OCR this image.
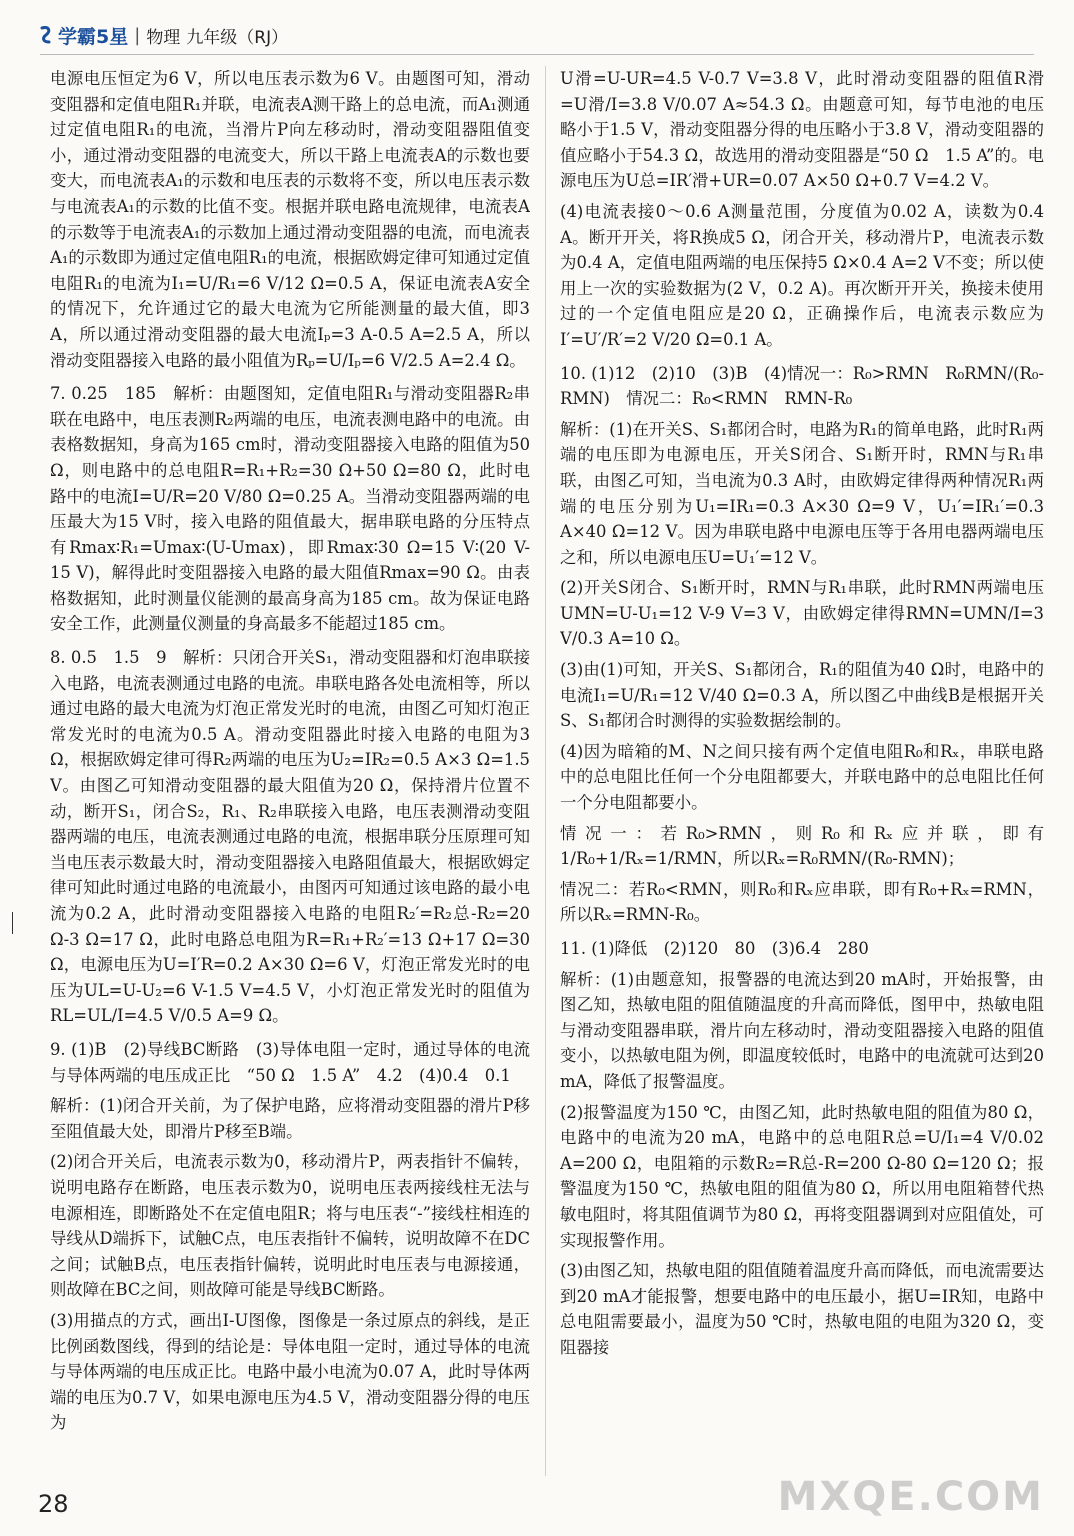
学霸5星 | 物理 九年级（RJ）

电源电压恒定为6 V，所以电压表示数为6 V。由题图可知，滑动变阻器和定值电阻R₁并联，电流表A测干路上的总电流，而A₁测通过定值电阻R₁的电流，当滑片P向左移动时，滑动变阻器阻值变小，通过滑动变阻器的电流变大，所以干路上电流表A的示数也要变大，而电流表A₁的示数和电压表的示数将不变，所以电压表示数与电流表A₁的示数的比值不变。根据并联电路电流规律，电流表A的示数等于电流表A₁的示数加上通过滑动变阻器的电流，而电流表A₁的示数即为通过定值电阻R₁的电流，根据欧姆定律可知通过定值电阻R₁的电流为I₁=U/R₁=6 V/12 Ω=0.5 A，保证电流表A安全的情况下，允许通过它的最大电流为它所能测量的最大值，即3 A，所以通过滑动变阻器的最大电流Iₚ=3 A-0.5 A=2.5 A，所以滑动变阻器接入电路的最小阻值为Rₚ=U/Iₚ=6 V/2.5 A=2.4 Ω。

7. 0.25　185　解析：由题图知，定值电阻R₁与滑动变阻器R₂串联在电路中，电压表测R₂两端的电压，电流表测电路中的电流。由表格数据知，身高为165 cm时，滑动变阻器接入电路的阻值为50 Ω，则电路中的总电阻R=R₁+R₂=30 Ω+50 Ω=80 Ω，此时电路中的电流I=U/R=20 V/80 Ω=0.25 A。当滑动变阻器两端的电压最大为15 V时，接入电路的阻值最大，据串联电路的分压特点有Rmax∶R₁=Umax∶(U-Umax)，即Rmax∶30 Ω=15 V∶(20 V-15 V)，解得此时变阻器接入电路的最大阻值Rmax=90 Ω。由表格数据知，此时测量仪能测的最高身高为185 cm。故为保证电路安全工作，此测量仪测量的身高最多不能超过185 cm。

8. 0.5　1.5　9　解析：只闭合开关S₁，滑动变阻器和灯泡串联接入电路，电流表测通过电路的电流。串联电路各处电流相等，所以通过电路的最大电流为灯泡正常发光时的电流，由图乙可知灯泡正常发光时的电流为0.5 A。滑动变阻器此时接入电路的电阻为3 Ω，根据欧姆定律可得R₂两端的电压为U₂=IR₂=0.5 A×3 Ω=1.5 V。由图乙可知滑动变阻器的最大阻值为20 Ω，保持滑片位置不动，断开S₁，闭合S₂，R₁、R₂串联接入电路，电压表测滑动变阻器两端的电压，电流表测通过电路的电流，根据串联分压原理可知当电压表示数最大时，滑动变阻器接入电路阻值最大，根据欧姆定律可知此时通过电路的电流最小，由图丙可知通过该电路的最小电流为0.2 A，此时滑动变阻器接入电路的电阻R₂′=R₂总-R₂=20 Ω-3 Ω=17 Ω，此时电路总电阻为R=R₁+R₂′=13 Ω+17 Ω=30 Ω，电源电压为U=I′R=0.2 A×30 Ω=6 V，灯泡正常发光时的电压为UL=U-U₂=6 V-1.5 V=4.5 V，小灯泡正常发光时的阻值为RL=UL/I=4.5 V/0.5 A=9 Ω。

9. (1)B　(2)导线BC断路　(3)导体电阻一定时，通过导体的电流与导体两端的电压成正比　“50 Ω　1.5 A”　4.2　(4)0.4　0.1

解析：(1)闭合开关前，为了保护电路，应将滑动变阻器的滑片P移至阻值最大处，即滑片P移至B端。

(2)闭合开关后，电流表示数为0，移动滑片P，两表指针不偏转，说明电路存在断路，电压表示数为0，说明电压表两接线柱无法与电源相连，即断路处不在定值电阻R；将与电压表“-”接线柱相连的导线从D端拆下，试触C点，电压表指针不偏转，说明故障不在DC之间；试触B点，电压表指针偏转，说明此时电压表与电源接通，则故障在BC之间，则故障可能是导线BC断路。

(3)用描点的方式，画出I-U图像，图像是一条过原点的斜线，是正比例函数图线，得到的结论是：导体电阻一定时，通过导体的电流与导体两端的电压成正比。电路中最小电流为0.07 A，此时导体两端的电压为0.7 V，如果电源电压为4.5 V，滑动变阻器分得的电压为

U滑=U-UR=4.5 V-0.7 V=3.8 V，此时滑动变阻器的阻值R滑=U滑/I=3.8 V/0.07 A≈54.3 Ω。由题意可知，每节电池的电压略小于1.5 V，滑动变阻器分得的电压略小于3.8 V，滑动变阻器的值应略小于54.3 Ω，故选用的滑动变阻器是“50 Ω　1.5 A”的。电源电压为U总=IR′滑+UR=0.07 A×50 Ω+0.7 V=4.2 V。

(4)电流表接0～0.6 A测量范围，分度值为0.02 A，读数为0.4 A。断开开关，将R换成5 Ω，闭合开关，移动滑片P，电流表示数为0.4 A，定值电阻两端的电压保持5 Ω×0.4 A=2 V不变；所以使用上一次的实验数据为(2 V，0.2 A)。再次断开开关，换接未使用过的一个定值电阻应是20 Ω，正确操作后，电流表示数应为I′=U′/R′=2 V/20 Ω=0.1 A。

10. (1)12　(2)10　(3)B　(4)情况一：R₀>RMN　R₀RMN/(R₀-RMN)　情况二：R₀<RMN　RMN-R₀

解析：(1)在开关S、S₁都闭合时，电路为R₁的简单电路，此时R₁两端的电压即为电源电压，开关S闭合、S₁断开时，RMN与R₁串联，由图乙可知，当电流为0.3 A时，由欧姆定律得两种情况R₁两端的电压分别为U₁=IR₁=0.3 A×30 Ω=9 V，U₁′=IR₁′=0.3 A×40 Ω=12 V。因为串联电路中电源电压等于各用电器两端电压之和，所以电源电压U=U₁′=12 V。

(2)开关S闭合、S₁断开时，RMN与R₁串联，此时RMN两端电压UMN=U-U₁=12 V-9 V=3 V，由欧姆定律得RMN=UMN/I=3 V/0.3 A=10 Ω。

(3)由(1)可知，开关S、S₁都闭合，R₁的阻值为40 Ω时，电路中的电流I₁=U/R₁=12 V/40 Ω=0.3 A，所以图乙中曲线B是根据开关S、S₁都闭合时测得的实验数据绘制的。

(4)因为暗箱的M、N之间只接有两个定值电阻R₀和Rₓ，串联电路中的总电阻比任何一个分电阻都要大，并联电路中的总电阻比任何一个分电阻都要小。

情况一：若R₀>RMN，则R₀和Rₓ应并联，即有1/R₀+1/Rₓ=1/RMN，所以Rₓ=R₀RMN/(R₀-RMN)；

情况二：若R₀<RMN，则R₀和Rₓ应串联，即有R₀+Rₓ=RMN，所以Rₓ=RMN-R₀。

11. (1)降低　(2)120　80　(3)6.4　280

解析：(1)由题意知，报警器的电流达到20 mA时，开始报警，由图乙知，热敏电阻的阻值随温度的升高而降低，图甲中，热敏电阻与滑动变阻器串联，滑片向左移动时，滑动变阻器接入电路的阻值变小，以热敏电阻为例，即温度较低时，电路中的电流就可达到20 mA，降低了报警温度。

(2)报警温度为150 ℃，由图乙知，此时热敏电阻的阻值为80 Ω，电路中的电流为20 mA，电路中的总电阻R总=U/I₁=4 V/0.02 A=200 Ω，电阻箱的示数R₂=R总-R=200 Ω-80 Ω=120 Ω；报警温度为150 ℃，热敏电阻的阻值为80 Ω，所以用电阻箱替代热敏电阻时，将其阻值调节为80 Ω，再将变阻器调到对应阻值处，可实现报警作用。

(3)由图乙知，热敏电阻的阻值随着温度升高而降低，而电流需要达到20 mA才能报警，想要电路中的电压最小，据U=IR知，电路中总电阻需要最小，温度为50 ℃时，热敏电阻的电阻为320 Ω，变阻器接

28	MXQE.COM
